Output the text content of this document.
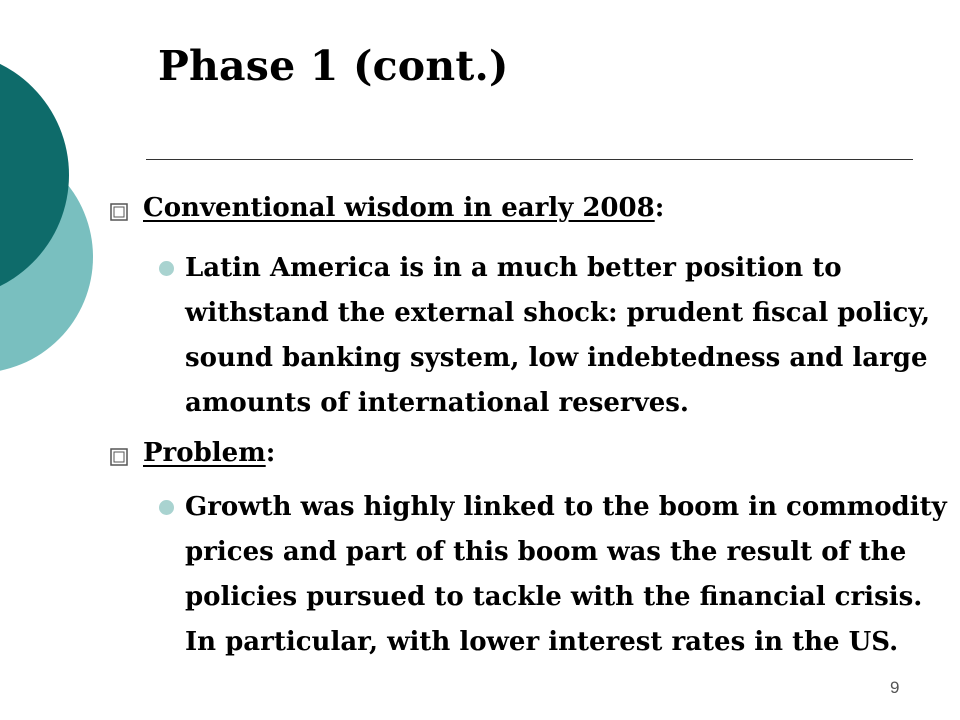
Phase 1 (cont.)
Conventional wisdom in early 2008:
Latin America is in a much better position to withstand the external shock: prudent fiscal policy, sound banking system, low indebtedness and large amounts of international reserves.
Problem:
Growth was highly linked to the boom in commodity prices and part of this boom was the result of the policies pursued to tackle with the financial crisis. In particular, with lower interest rates in the US.
9
